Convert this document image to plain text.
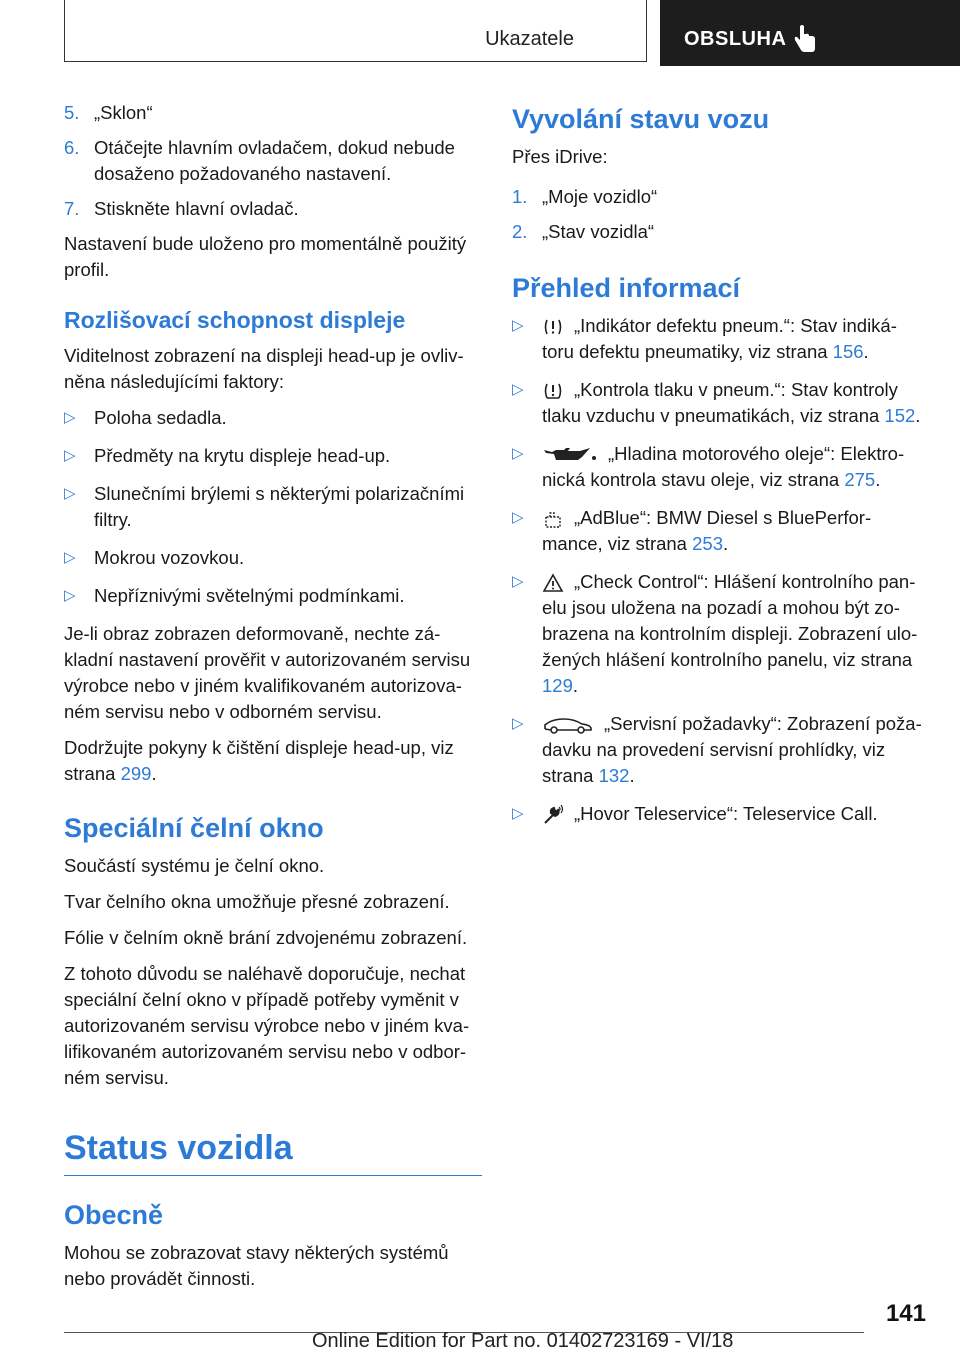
Ukazatele	OBSLUHA
5. „Sklon“
6. Otáčejte hlavním ovladačem, dokud nebude dosaženo požadovaného nastavení.
7. Stiskněte hlavní ovladač.

Nastavení bude uloženo pro momentálně použitý profil.

Rozlišovací schopnost displeje

Viditelnost zobrazení na displeji head-up je ovliv‐něna následujícími faktory:

▷ Poloha sedadla.
▷ Předměty na krytu displeje head-up.
▷ Slunečními brýlemi s některými polarizačními filtry.
▷ Mokrou vozovkou.
▷ Nepříznivými světelnými podmínkami.

Je-li obraz zobrazen deformovaně, nechte zá‐kladní nastavení prověřit v autorizovaném servisu výrobce nebo v jiném kvalifikovaném autorizova‐ném servisu nebo v odborném servisu.

Dodržujte pokyny k čištění displeje head-up, viz strana 299.

Speciální čelní okno

Součástí systému je čelní okno.

Tvar čelního okna umožňuje přesné zobrazení.

Fólie v čelním okně brání zdvojenému zobrazení.

Z tohoto důvodu se naléhavě doporučuje, nechat speciální čelní okno v případě potřeby vyměnit v autorizovaném servisu výrobce nebo v jiném kva‐lifikovaném autorizovaném servisu nebo v odbor‐ném servisu.

Status vozidla
Obecně

Mohou se zobrazovat stavy některých systémů nebo provádět činnosti.

Vyvolání stavu vozu

Přes iDrive:

1. „Moje vozidlo“
2. „Stav vozidla“
Přehled informací
▷	„Indikátor defektu pneum.“: Stav indiká‐toru defektu pneumatiky, viz strana 156.
▷	„Kontrola tlaku v pneum.“: Stav kontroly tlaku vzduchu v pneumatikách, viz strana 152.
▷	„Hladina motorového oleje“: Elektro‐nická kontrola stavu oleje, viz strana 275.
▷	„AdBlue“: BMW Diesel s BluePerfor‐mance, viz strana 253.
▷	„Check Control“: Hlášení kontrolního pan‐elu jsou uložena na pozadí a mohou být zo‐brazena na kontrolním displeji. Zobrazení ulo‐žených hlášení kontrolního panelu, viz strana 129.
▷	„Servisní požadavky“: Zobrazení poža‐davku na provedení servisní prohlídky, viz strana 132.
▷	„Hovor Teleservice“: Teleservice Call.
141
Online Edition for Part no. 01402723169 - VI/18
